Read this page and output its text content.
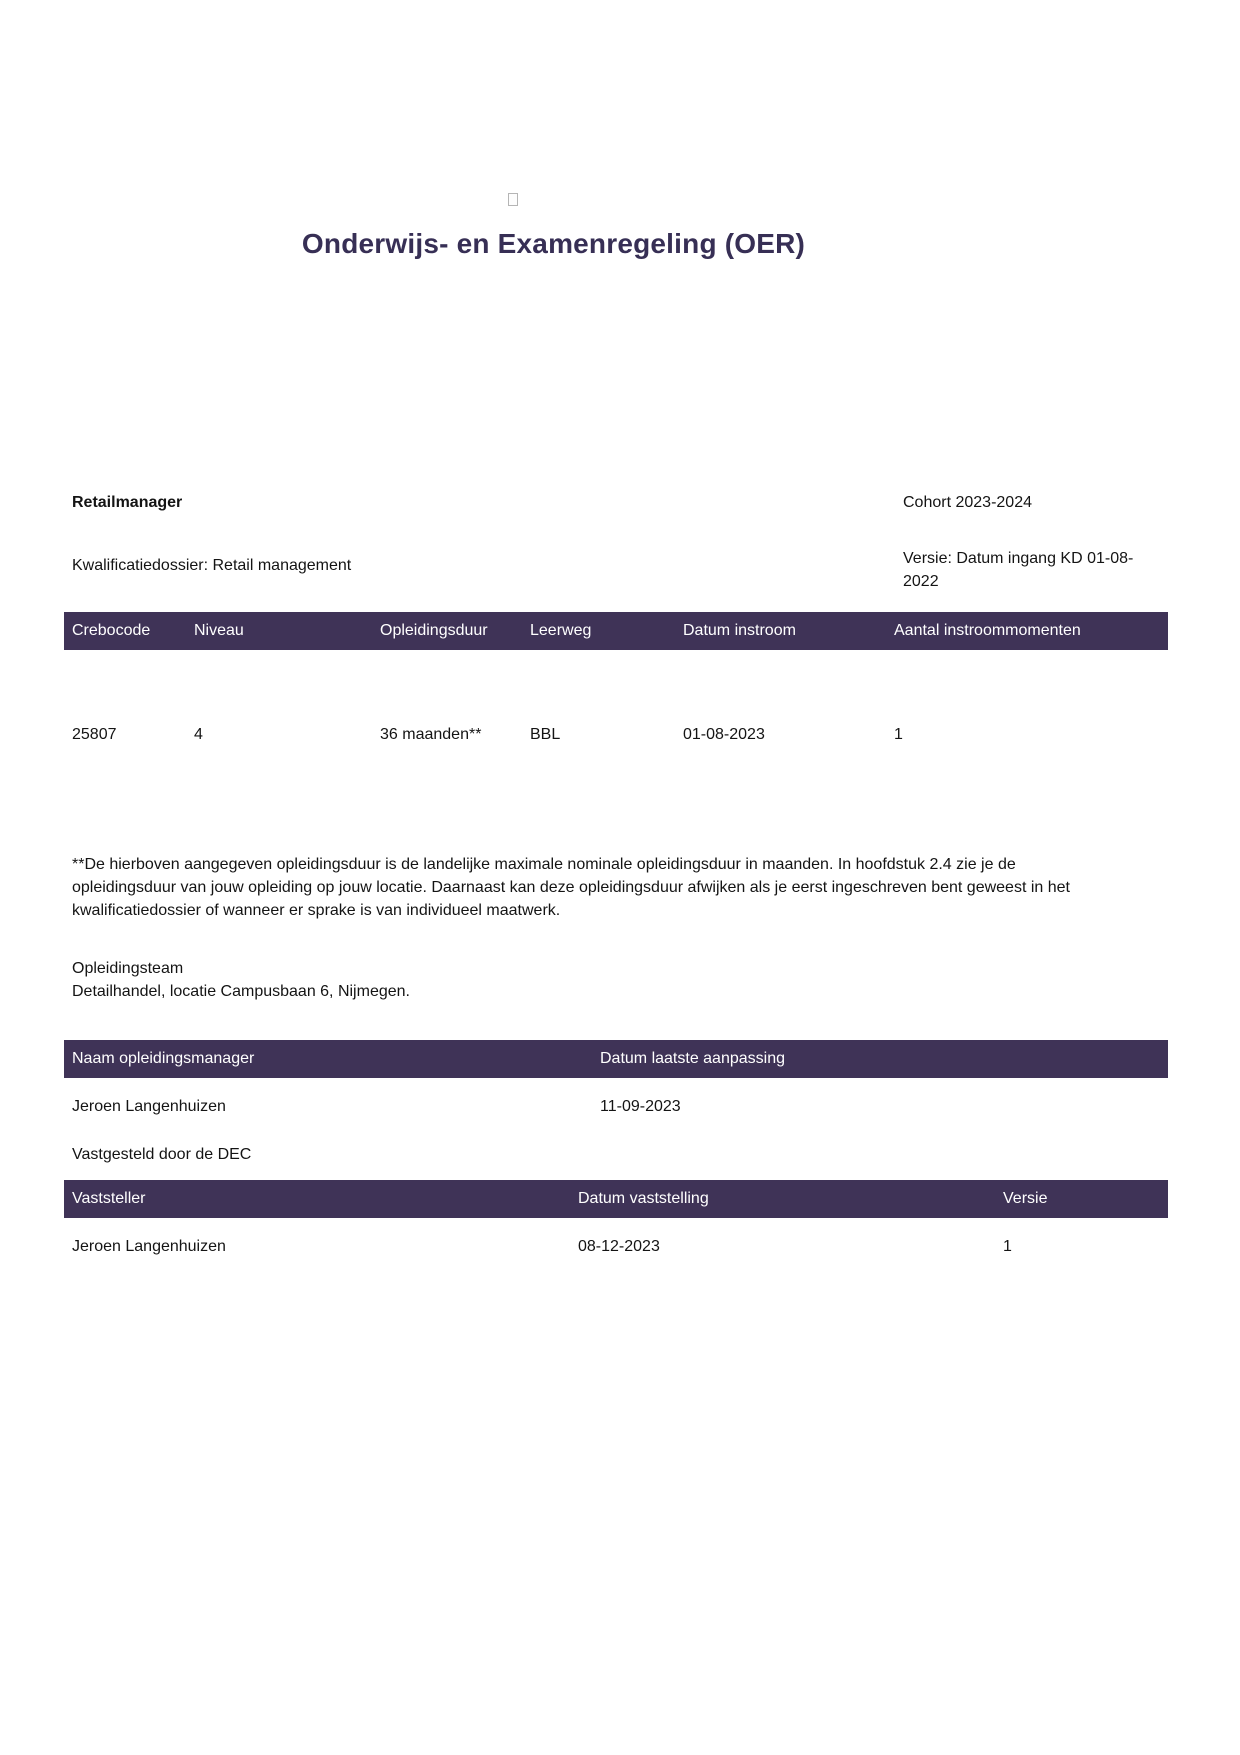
Onderwijs- en Examenregeling (OER)
Retailmanager	Cohort 2023-2024
Kwalificatiedossier: Retail management	Versie: Datum ingang KD 01-08-2022
Crebocode	Niveau	Opleidingsduur	Leerweg	Datum instroom	Aantal instroommomenten
25807	4	36 maanden**	BBL	01-08-2023	1
**De hierboven aangegeven opleidingsduur is de landelijke maximale nominale opleidingsduur in maanden. In hoofdstuk 2.4 zie je de opleidingsduur van jouw opleiding op jouw locatie. Daarnaast kan deze opleidingsduur afwijken als je eerst ingeschreven bent geweest in het kwalificatiedossier of wanneer er sprake is van individueel maatwerk.
Opleidingsteam
Detailhandel, locatie Campusbaan 6, Nijmegen.
Naam opleidingsmanager	Datum laatste aanpassing
Jeroen Langenhuizen	11-09-2023
Vastgesteld door de DEC
Vaststeller	Datum vaststelling	Versie
Jeroen Langenhuizen	08-12-2023	1
